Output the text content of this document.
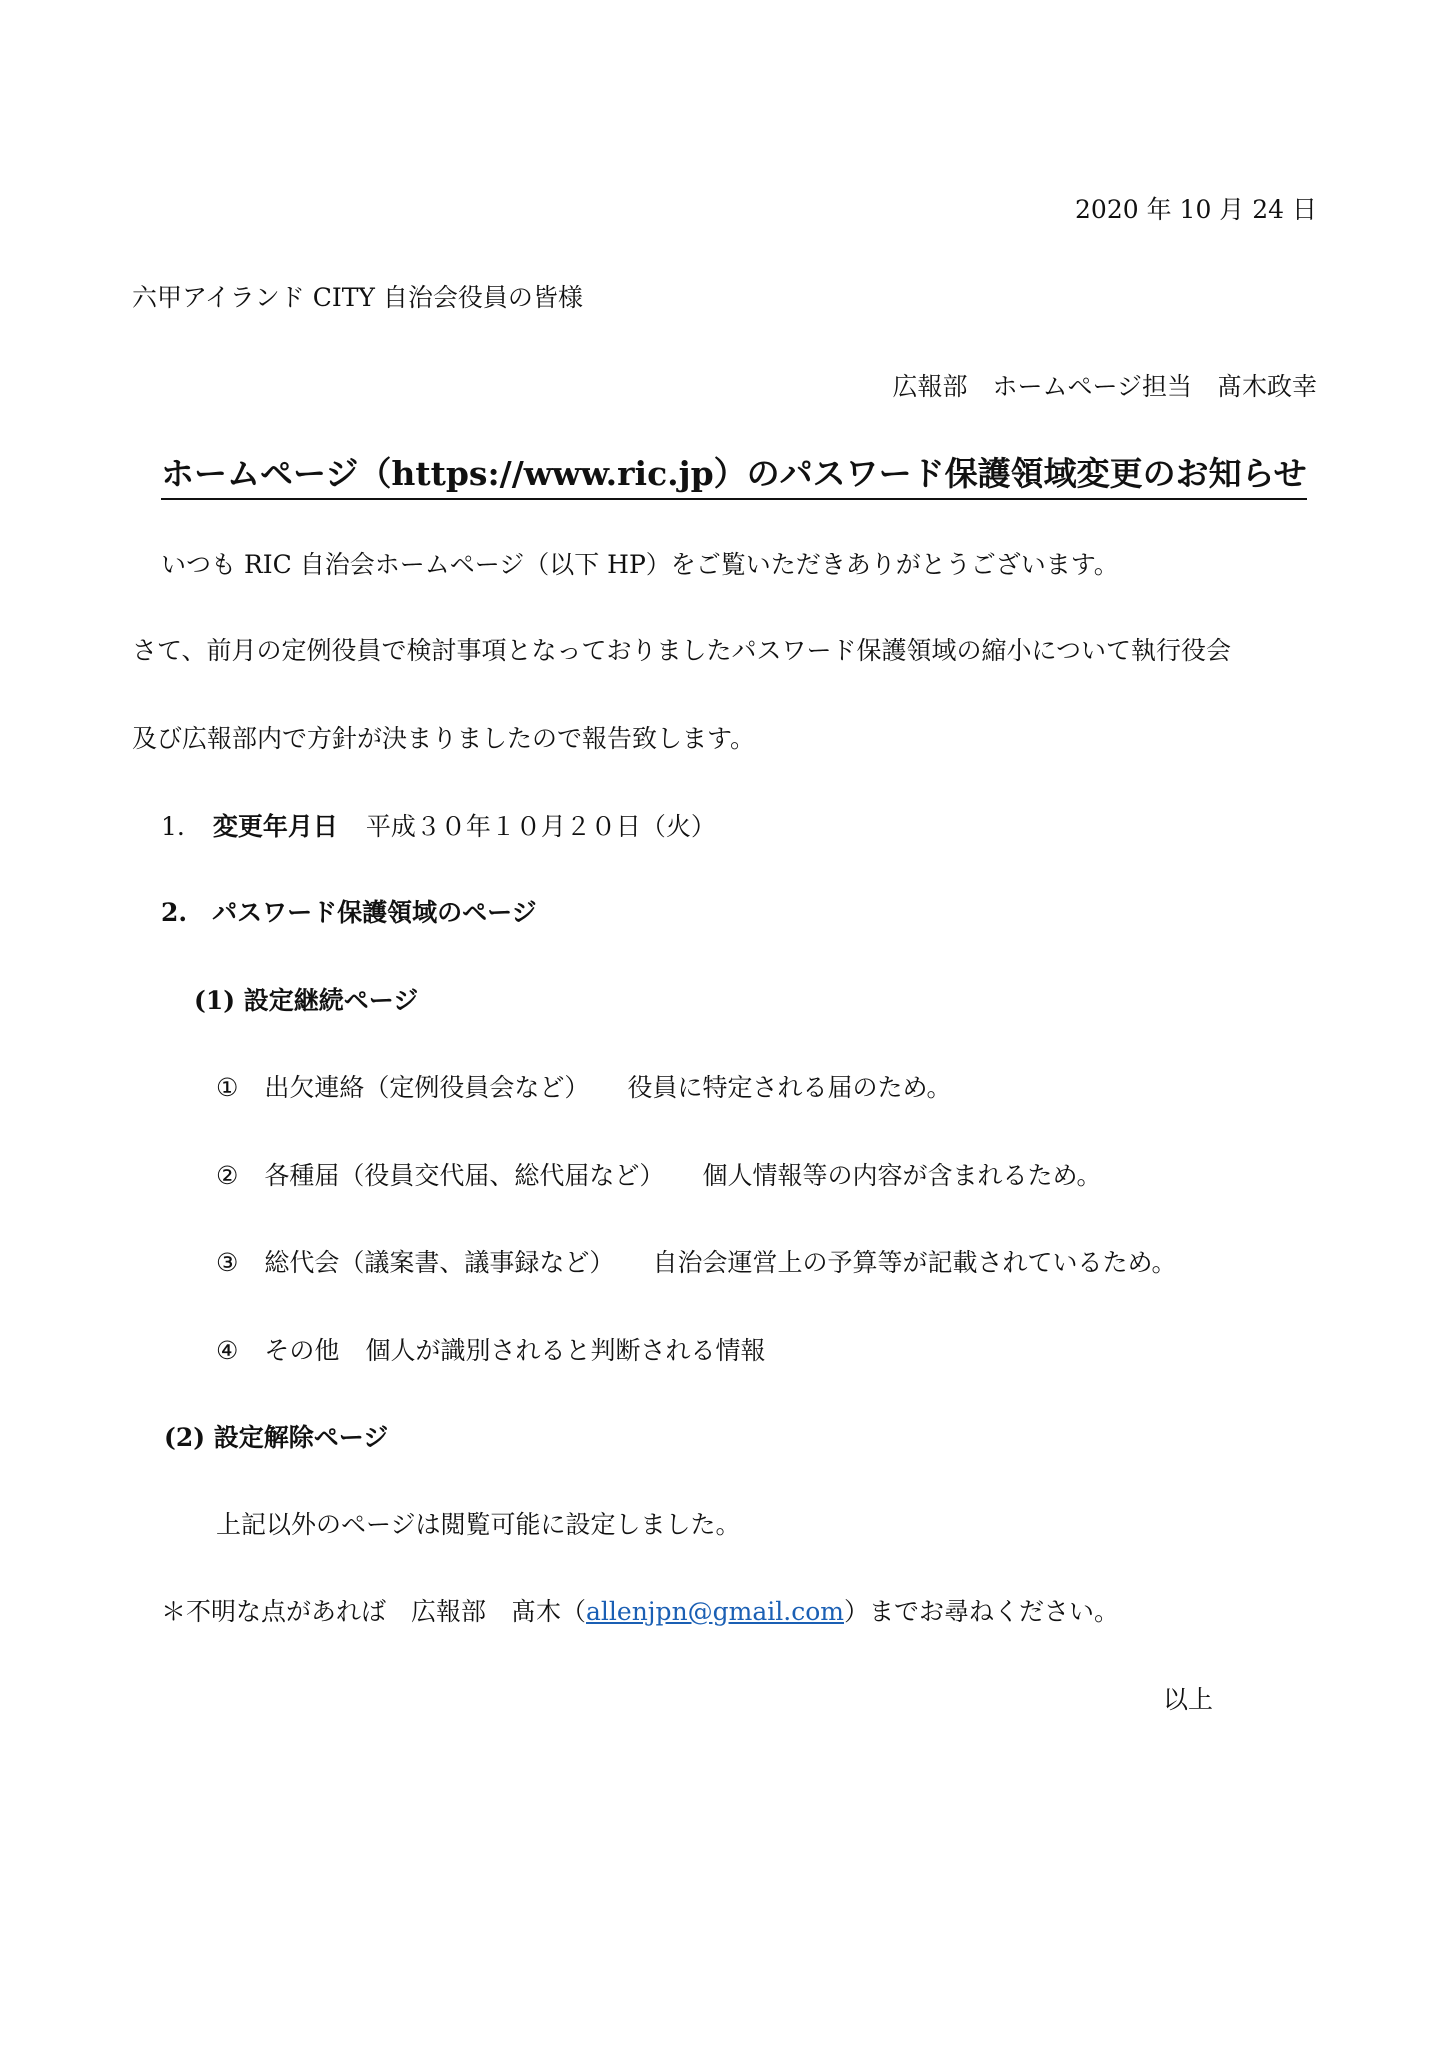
2020 年 10 月 24 日
六甲アイランド CITY 自治会役員の皆様
広報部　ホームページ担当　髙木政幸
ホームページ（https://www.ric.jp）のパスワード保護領域変更のお知らせ

いつも RIC 自治会ホームページ（以下 HP）をご覧いただきありがとうございます。

さて、前月の定例役員で検討事項となっておりましたパスワード保護領域の縮小について執行役会

及び広報部内で方針が決まりましたので報告致します。

1. 変更年月日 平成３０年１０月２０日（火）
2.　パスワード保護領域のページ
(1) 設定継続ページ
① 出欠連絡（定例役員会など） 役員に特定される届のため。
② 各種届（役員交代届、総代届など） 個人情報等の内容が含まれるため。
③ 総代会（議案書、議事録など） 自治会運営上の予算等が記載されているため。
④ その他 個人が識別されると判断される情報
(2) 設定解除ページ
上記以外のページは閲覧可能に設定しました。
＊不明な点があれば　広報部　髙木（allenjpn@gmail.com）までお尋ねください。
以上
